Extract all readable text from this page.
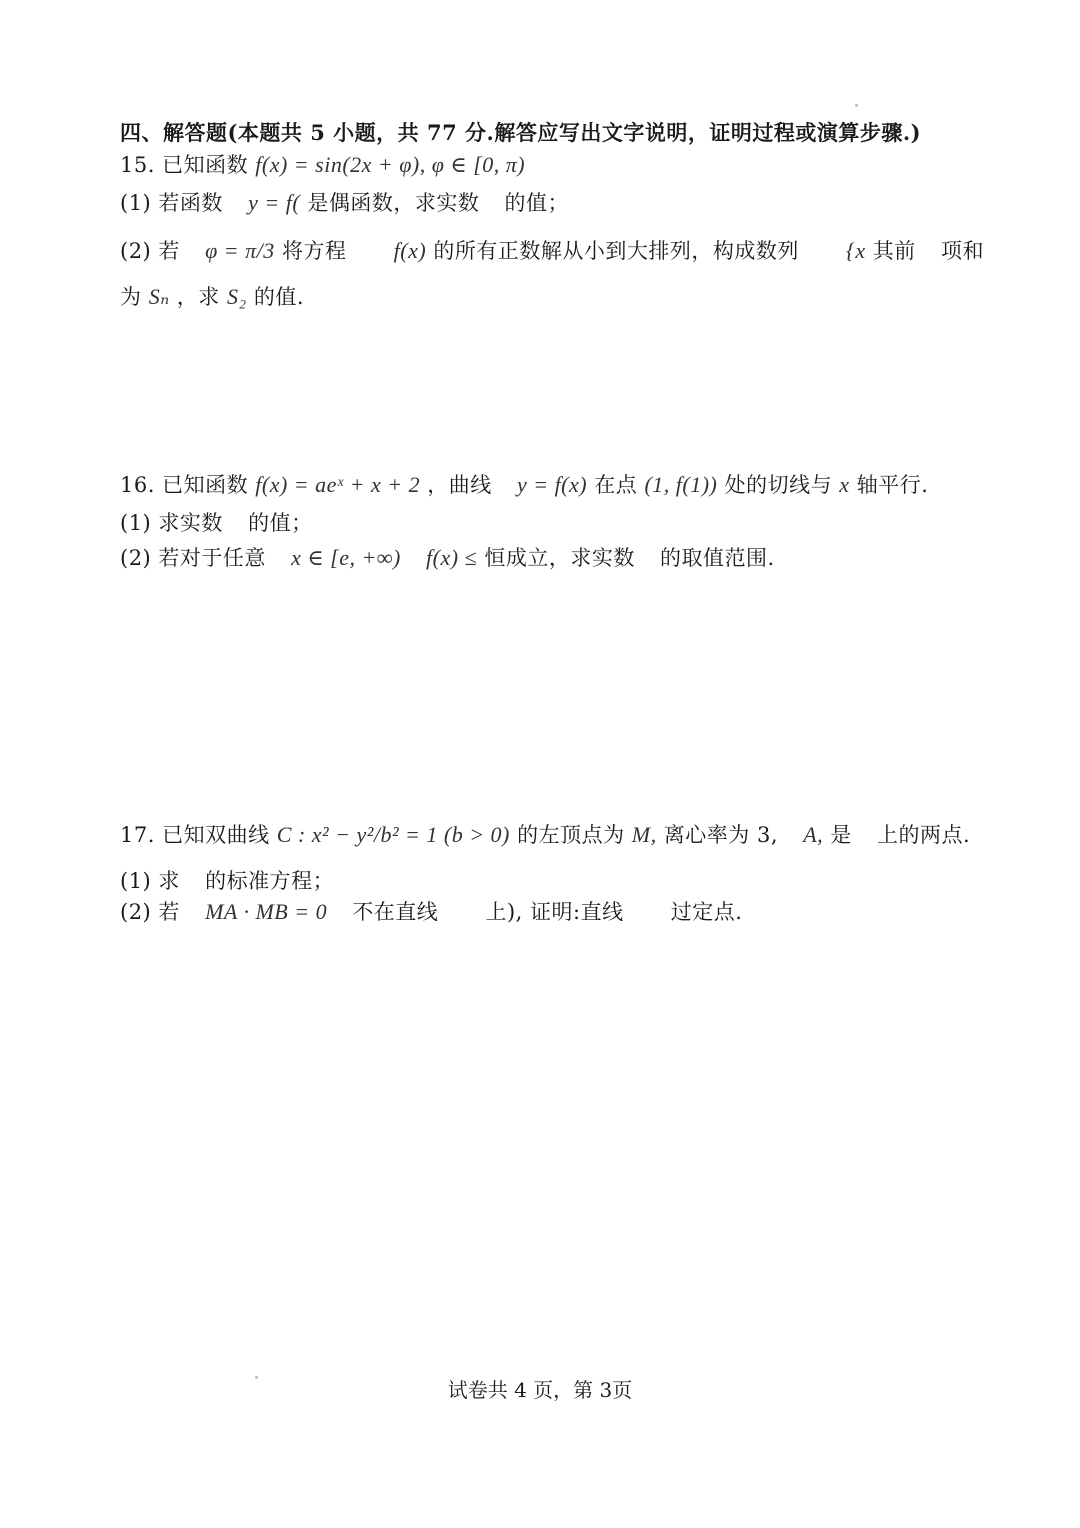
四、解答题(本题共 5 小题，共 77 分.解答应写出文字说明，证明过程或演算步骤.)
15. 已知函数 f(x) = sin(2x + φ), φ ∈ [0, π)
(1) 若函数 y = f( 是偶函数，求实数 的值；
(2) 若 φ = π/3 将方程 f(x) 的所有正数解从小到大排列，构成数列 {x 其前 项和
为 Sₙ ，求 S₂ 的值.
16. 已知函数 f(x) = aeˣ + x + 2 ，曲线 y = f(x) 在点 (1, f(1)) 处的切线与 x 轴平行.
(1) 求实数 的值；
(2) 若对于任意 x ∈ [e, +∞) f(x) ≤ 恒成立，求实数 的取值范围.
17. 已知双曲线 C : x² − y²/b² = 1 (b > 0) 的左顶点为 M, 离心率为 3, A, 是 上的两点.
(1) 求 的标准方程；
(2) 若 MA · MB = 0 不在直线 上), 证明:直线 过定点.
试卷共 4 页，第 3页
